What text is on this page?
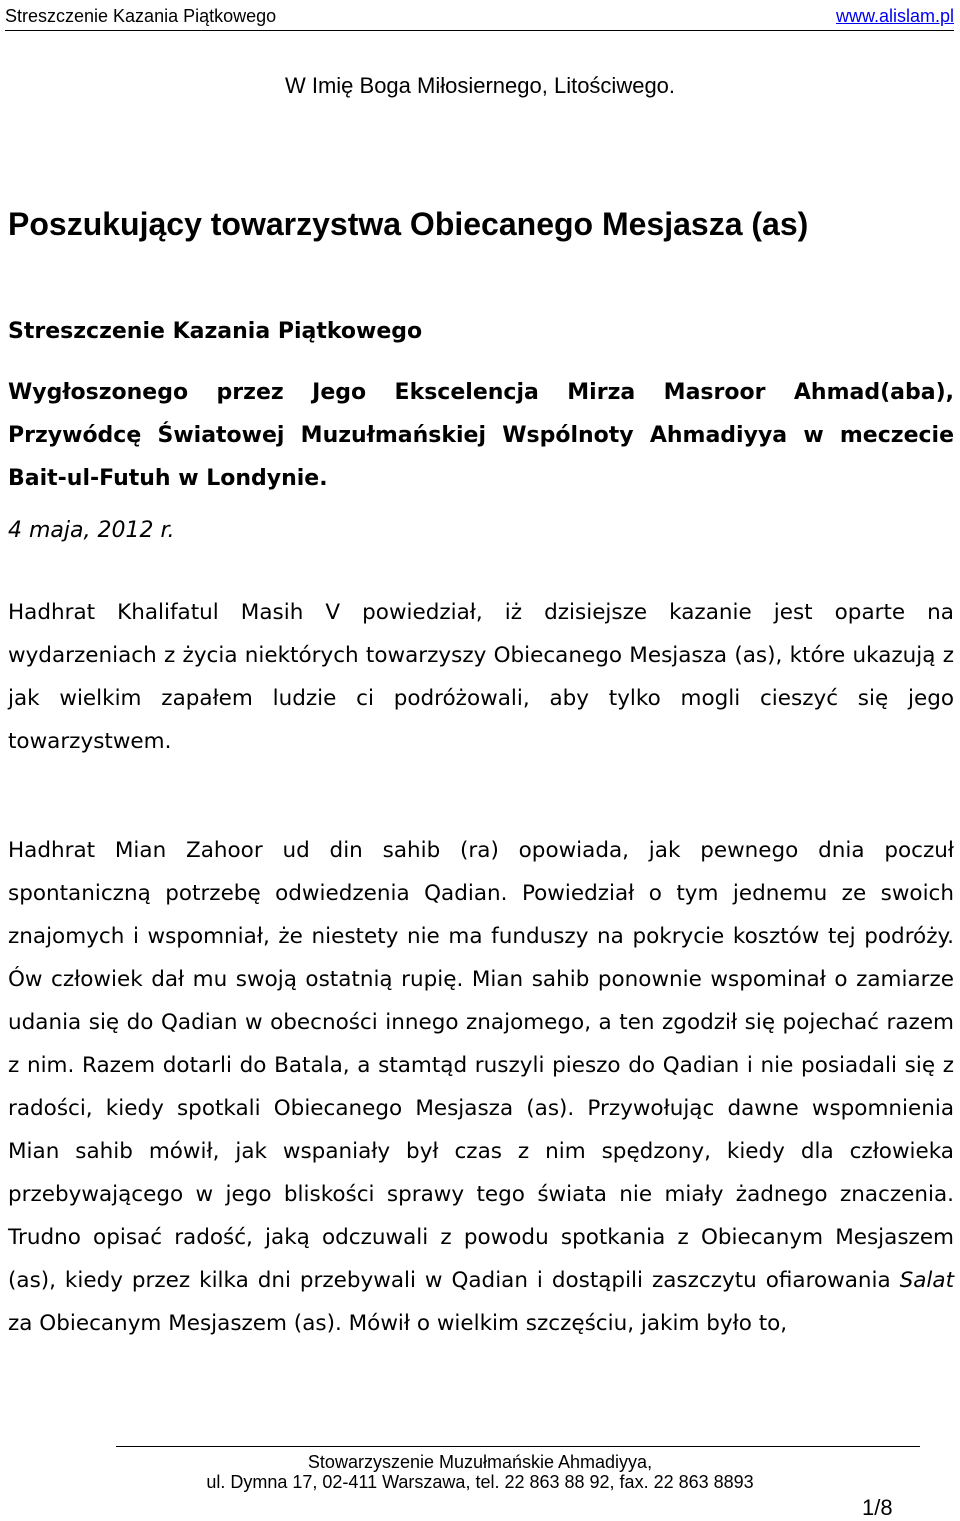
Streszczenie Kazania Piątkowego	www.alislam.pl
W Imię Boga Miłosiernego, Litościwego.
Poszukujący towarzystwa Obiecanego Mesjasza (as)
Streszczenie Kazania Piątkowego
Wygłoszonego przez Jego Ekscelencja Mirza Masroor Ahmad(aba), Przywódcę Światowej Muzułmańskiej Wspólnoty Ahmadiyya w meczecie Bait-ul-Futuh w Londynie.
4 maja, 2012 r.

Hadhrat Khalifatul Masih V powiedział, iż dzisiejsze kazanie jest oparte na wydarzeniach z życia niektórych towarzyszy Obiecanego Mesjasza (as), które ukazują z jak wielkim zapałem ludzie ci podróżowali, aby tylko mogli cieszyć się jego towarzystwem.

Hadhrat Mian Zahoor ud din sahib (ra) opowiada, jak pewnego dnia poczuł spontaniczną potrzebę odwiedzenia Qadian. Powiedział o tym jednemu ze swoich znajomych i wspomniał, że niestety nie ma funduszy na pokrycie kosztów tej podróży. Ów człowiek dał mu swoją ostatnią rupię. Mian sahib ponownie wspominał o zamiarze udania się do Qadian w obecności innego znajomego, a ten zgodził się pojechać razem z nim. Razem dotarli do Batala, a stamtąd ruszyli pieszo do Qadian i nie posiadali się z radości, kiedy spotkali Obiecanego Mesjasza (as). Przywołując dawne wspomnienia Mian sahib mówił, jak wspaniały był czas z nim spędzony, kiedy dla człowieka przebywającego w jego bliskości sprawy tego świata nie miały żadnego znaczenia. Trudno opisać radość, jaką odczuwali z powodu spotkania z Obiecanym Mesjaszem (as), kiedy przez kilka dni przebywali w Qadian i dostąpili zaszczytu ofiarowania Salat za Obiecanym Mesjaszem (as). Mówił o wielkim szczęściu, jakim było to,

Stowarzyszenie Muzułmańskie Ahmadiyya,
ul. Dymna 17, 02-411 Warszawa, tel. 22 863 88 92, fax. 22 863 8893
1/8
